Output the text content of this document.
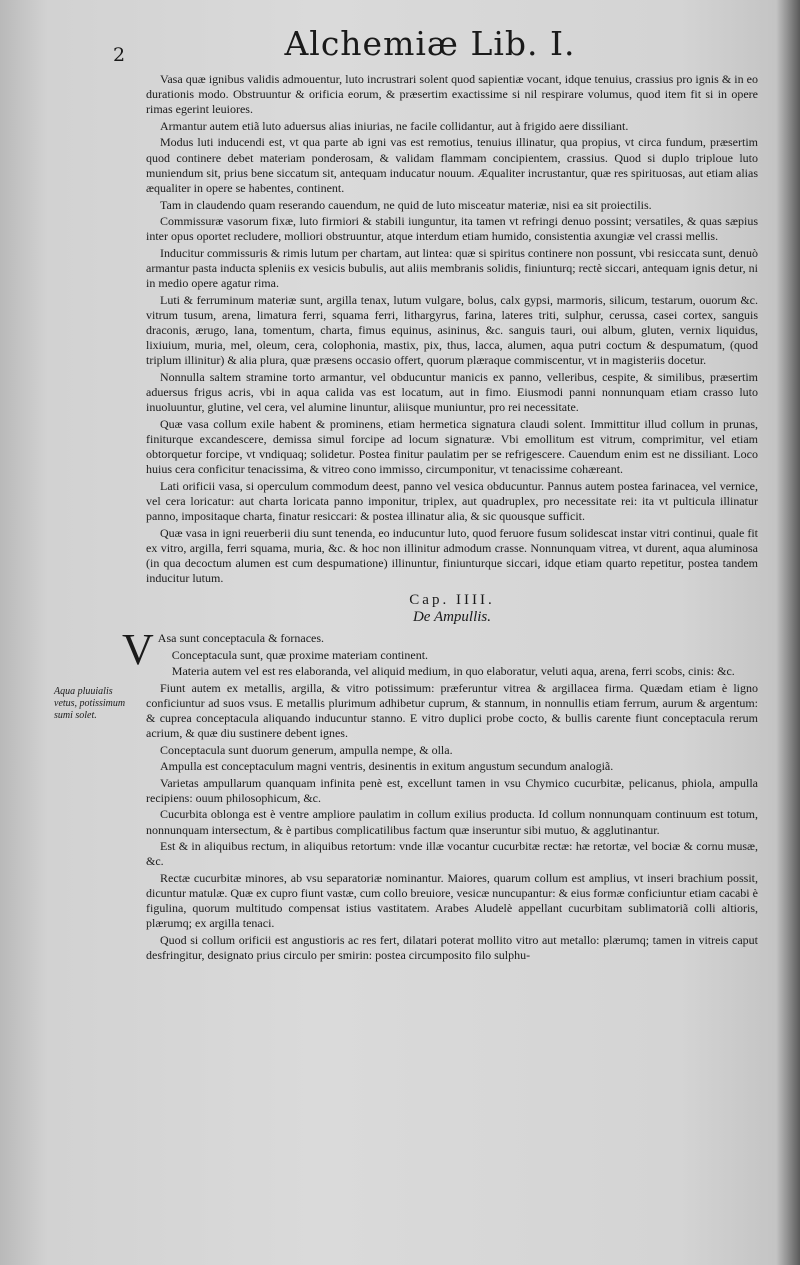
2	Alchemiæ Lib. I.
Aqua pluuialis vetus, potissimum sumi solet.

Vasa quæ ignibus validis admouentur, luto incrustrari solent quod sapientiæ vocant, idque tenuius, crassius pro ignis & in eo durationis modo. Obstruuntur & orificia eorum, & præsertim exactissime si nil respirare volumus, quod item fit si in opere rimas egerint leuiores.

Armantur autem etiã luto aduersus alias iniurias, ne facile collidantur, aut à frigido aere dissiliant.

Modus luti inducendi est, vt qua parte ab igni vas est remotius, tenuius illinatur, qua propius, vt circa fundum, præsertim quod continere debet materiam ponderosam, & validam flammam concipientem, crassius. Quod si duplo triploue luto muniendum sit, prius bene siccatum sit, antequam inducatur nouum. Æqualiter incrustantur, quæ res spirituosas, aut etiam alias æqualiter in opere se habentes, continent.

Tam in claudendo quam reserando cauendum, ne quid de luto misceatur materiæ, nisi ea sit proiectilis.

Commissuræ vasorum fixæ, luto firmiori & stabili iunguntur, ita tamen vt refringi denuo possint; versatiles, & quas sæpius inter opus oportet recludere, molliori obstruuntur, atque interdum etiam humido, consistentia axungiæ vel crassi mellis.

Inducitur commissuris & rimis lutum per chartam, aut lintea: quæ si spiritus continere non possunt, vbi resiccata sunt, denuò armantur pasta inducta spleniis ex vesicis bubulis, aut aliis membranis solidis, finiunturq; rectè siccari, antequam ignis detur, ni in medio opere agatur rima.

Luti & ferruminum materiæ sunt, argilla tenax, lutum vulgare, bolus, calx gypsi, marmoris, silicum, testarum, ouorum &c. vitrum tusum, arena, limatura ferri, squama ferri, lithargyrus, farina, lateres triti, sulphur, cerussa, casei cortex, sanguis draconis, ærugo, lana, tomentum, charta, fimus equinus, asininus, &c. sanguis tauri, oui album, gluten, vernix liquidus, lixiuium, muria, mel, oleum, cera, colophonia, mastix, pix, thus, lacca, alumen, aqua putri coctum & despumatum, (quod triplum illinitur) & alia plura, quæ præsens occasio offert, quorum plæraque commiscentur, vt in magisteriis docetur.

Nonnulla saltem stramine torto armantur, vel obducuntur manicis ex panno, velleribus, cespite, & similibus, præsertim aduersus frigus acris, vbi in aqua calida vas est locatum, aut in fimo. Eiusmodi panni nonnunquam etiam crasso luto inuoluuntur, glutine, vel cera, vel alumine linuntur, aliisque muniuntur, pro rei necessitate.

Quæ vasa collum exile habent & prominens, etiam hermetica signatura claudi solent. Immittitur illud collum in prunas, finiturque excandescere, demissa simul forcipe ad locum signaturæ. Vbi emollitum est vitrum, comprimitur, vel etiam obtorquetur forcipe, vt vndiquaq; solidetur. Postea finitur paulatim per se refrigescere. Cauendum enim est ne dissiliant. Loco huius cera conficitur tenacissima, & vitreo cono immisso, circumponitur, vt tenacissime cohæreant.

Lati orificii vasa, si operculum commodum deest, panno vel vesica obducuntur. Pannus autem postea farinacea, vel vernice, vel cera loricatur: aut charta loricata panno imponitur, triplex, aut quadruplex, pro necessitate rei: ita vt pulticula illinatur panno, impositaque charta, finatur resiccari: & postea illinatur alia, & sic quousque sufficit.

Quæ vasa in igni reuerberii diu sunt tenenda, eo inducuntur luto, quod feruore fusum solidescat instar vitri continui, quale fit ex vitro, argilla, ferri squama, muria, &c. & hoc non illinitur admodum crasse. Nonnunquam vitrea, vt durent, aqua aluminosa (in qua decoctum alumen est cum despumatione) illinuntur, finiunturque siccari, idque etiam quarto repetitur, postea tandem inducitur lutum.

Cap. IIII.

De Ampullis.

V Asa sunt conceptacula & fornaces.

Conceptacula sunt, quæ proxime materiam continent.

Materia autem vel est res elaboranda, vel aliquid medium, in quo elaboratur, veluti aqua, arena, ferri scobs, cinis: &c.

Fiunt autem ex metallis, argilla, & vitro potissimum: præferuntur vitrea & argillacea firma. Quædam etiam è ligno conficiuntur ad suos vsus. E metallis plurimum adhibetur cuprum, & stannum, in nonnullis etiam ferrum, aurum & argentum: & cuprea conceptacula aliquando inducuntur stanno. E vitro duplici probe cocto, & bullis carente fiunt conceptacula rerum acrium, & quæ diu sustinere debent ignes.

Conceptacula sunt duorum generum, ampulla nempe, & olla.

Ampulla est conceptaculum magni ventris, desinentis in exitum angustum secundum analogiã.

Varietas ampullarum quanquam infinita penè est, excellunt tamen in vsu Chymico cucurbitæ, pelicanus, phiola, ampulla recipiens: ouum philosophicum, &c.

Cucurbita oblonga est è ventre ampliore paulatim in collum exilius producta. Id collum nonnunquam continuum est totum, nonnunquam intersectum, & è partibus complicatilibus factum quæ inseruntur sibi mutuo, & agglutinantur.

Est & in aliquibus rectum, in aliquibus retortum: vnde illæ vocantur cucurbitæ rectæ: hæ retortæ, vel bociæ & cornu musæ, &c.

Rectæ cucurbitæ minores, ab vsu separatoriæ nominantur. Maiores, quarum collum est amplius, vt inseri brachium possit, dicuntur matulæ. Quæ ex cupro fiunt vastæ, cum collo breuiore, vesicæ nuncupantur: & eius formæ conficiuntur etiam cacabi è figulina, quorum multitudo compensat istius vastitatem. Arabes Aludelè appellant cucurbitam sublimatoriã colli altioris, plærumq; ex argilla tenaci.

Quod si collum orificii est angustioris ac res fert, dilatari poterat mollito vitro aut metallo: plærumq; tamen in vitreis caput desfringitur, designato prius circulo per smirin: postea circumposito filo sulphu-
